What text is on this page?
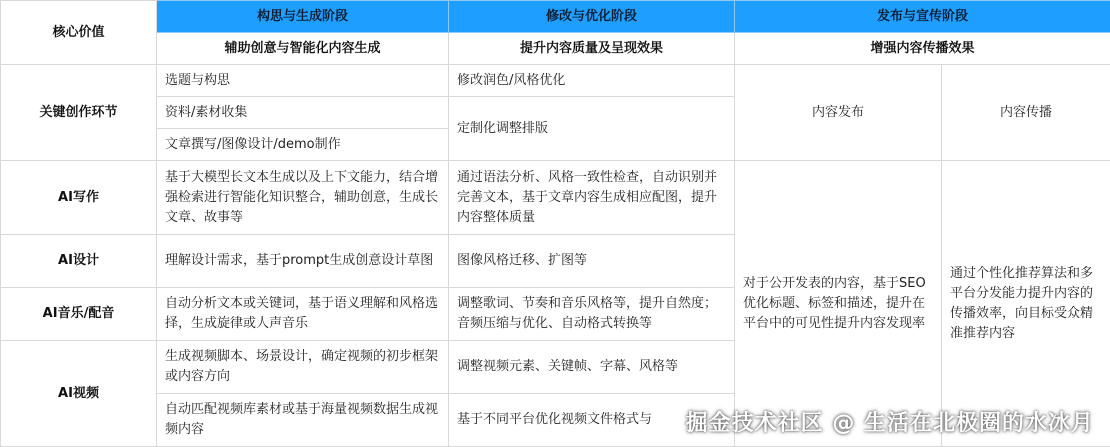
核心价值	构思与生成阶段	修改与优化阶段	发布与宣传阶段	
	辅助创意与智能化内容生成	提升内容质量及呈现效果	增强内容传播效果	
关键创作环节	选题与构思	修改润色/风格优化	内容发布	内容传播
	资料/素材收集	定制化调整排版		
	文章撰写/图像设计/demo制作			
AI写作	基于大模型长文本生成以及上下文能力，结合增强检索进行智能化知识整合，辅助创意，生成长文章、故事等	通过语法分析、风格一致性检查，自动识别并完善文本，基于文章内容生成相应配图，提升内容整体质量	对于公开发表的内容，基于SEO优化标题、标签和描述，提升在平台中的可见性提升内容发现率	通过个性化推荐算法和多平台分发能力提升内容的传播效率，向目标受众精准推荐内容
AI设计	理解设计需求，基于prompt生成创意设计草图	图像风格迁移、扩图等		
AI音乐/配音	自动分析文本或关键词，基于语义理解和风格选择，生成旋律或人声音乐	调整歌词、节奏和音乐风格等，提升自然度；音频压缩与优化、自动格式转换等		
AI视频	生成视频脚本、场景设计，确定视频的初步框架或内容方向	调整视频元素、关键帧、字幕、风格等		
	自动匹配视频库素材或基于海量视频数据生成视频内容	基于不同平台优化视频文件格式与		掘金技术社区 @ 生活在北极圈的水冰月
